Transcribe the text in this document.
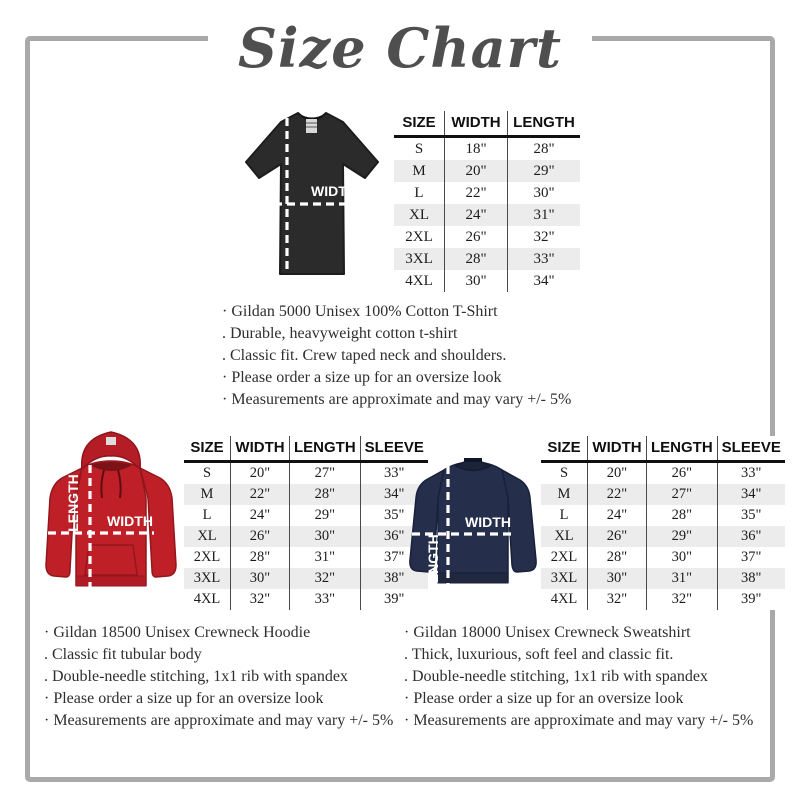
Size Chart
WIDTH
LENGTH
SIZE	WIDTH	LENGTH
S	18"	28"
M	20"	29"
L	22"	30"
XL	24"	31"
2XL	26"	32"
3XL	28"	33"
4XL	30"	34"
· Gildan 5000 Unisex 100% Cotton T-Shirt
. Durable, heavyweight cotton t-shirt
. Classic fit. Crew taped neck and shoulders.
· Please order a size up for an oversize look
· Measurements are approximate and may vary +/- 5%
LENGTH WIDTH
SIZE	WIDTH	LENGTH	SLEEVE
S	20"	27"	33"
M	22"	28"	34"
L	24"	29"	35"
XL	26"	30"	36"
2XL	28"	31"	37"
3XL	30"	32"	38"
4XL	32"	33"	39"
· Gildan 18500 Unisex Crewneck Hoodie
. Classic fit tubular body
. Double-needle stitching, 1x1 rib with spandex
· Please order a size up for an oversize look
· Measurements are approximate and may vary +/- 5%
WIDTH
LENGTH
SIZE	WIDTH	LENGTH	SLEEVE
S	20"	26"	33"
M	22"	27"	34"
L	24"	28"	35"
XL	26"	29"	36"
2XL	28"	30"	37"
3XL	30"	31"	38"
4XL	32"	32"	39"
· Gildan 18000 Unisex Crewneck Sweatshirt
. Thick, luxurious, soft feel and classic fit.
. Double-needle stitching, 1x1 rib with spandex
· Please order a size up for an oversize look
· Measurements are approximate and may vary +/- 5%
